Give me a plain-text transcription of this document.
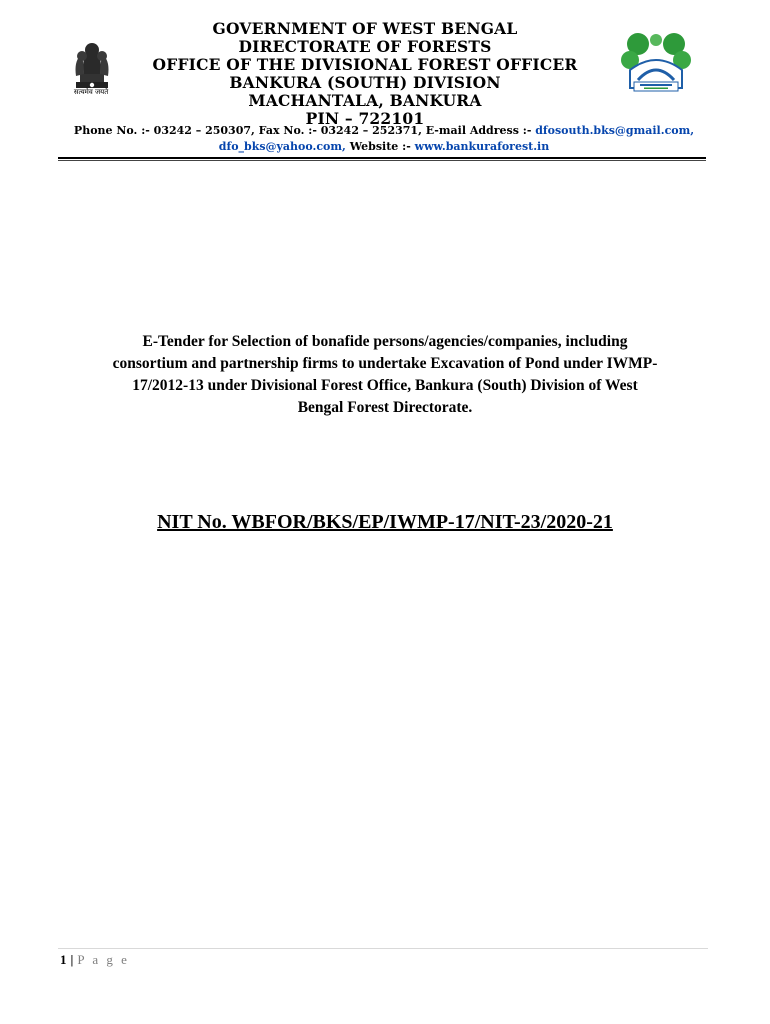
सत्यमेव जयते
GOVERNMENT OF WEST BENGAL
DIRECTORATE OF FORESTS
OFFICE OF THE DIVISIONAL FOREST OFFICER
BANKURA (SOUTH) DIVISION
MACHANTALA, BANKURA
PIN – 722101
Phone No. :- 03242 – 250307, Fax No. :- 03242 – 252371, E-mail Address :- dfosouth.bks@gmail.com,
dfo_bks@yahoo.com, Website :- www.bankuraforest.in
E-Tender for Selection of bonafide persons/agencies/companies, including
consortium and partnership firms to undertake Excavation of Pond under IWMP-
17/2012-13 under Divisional Forest Office, Bankura (South) Division of West
Bengal Forest Directorate.
NIT No. WBFOR/BKS/EP/IWMP-17/NIT-23/2020-21
1 | P a g e
